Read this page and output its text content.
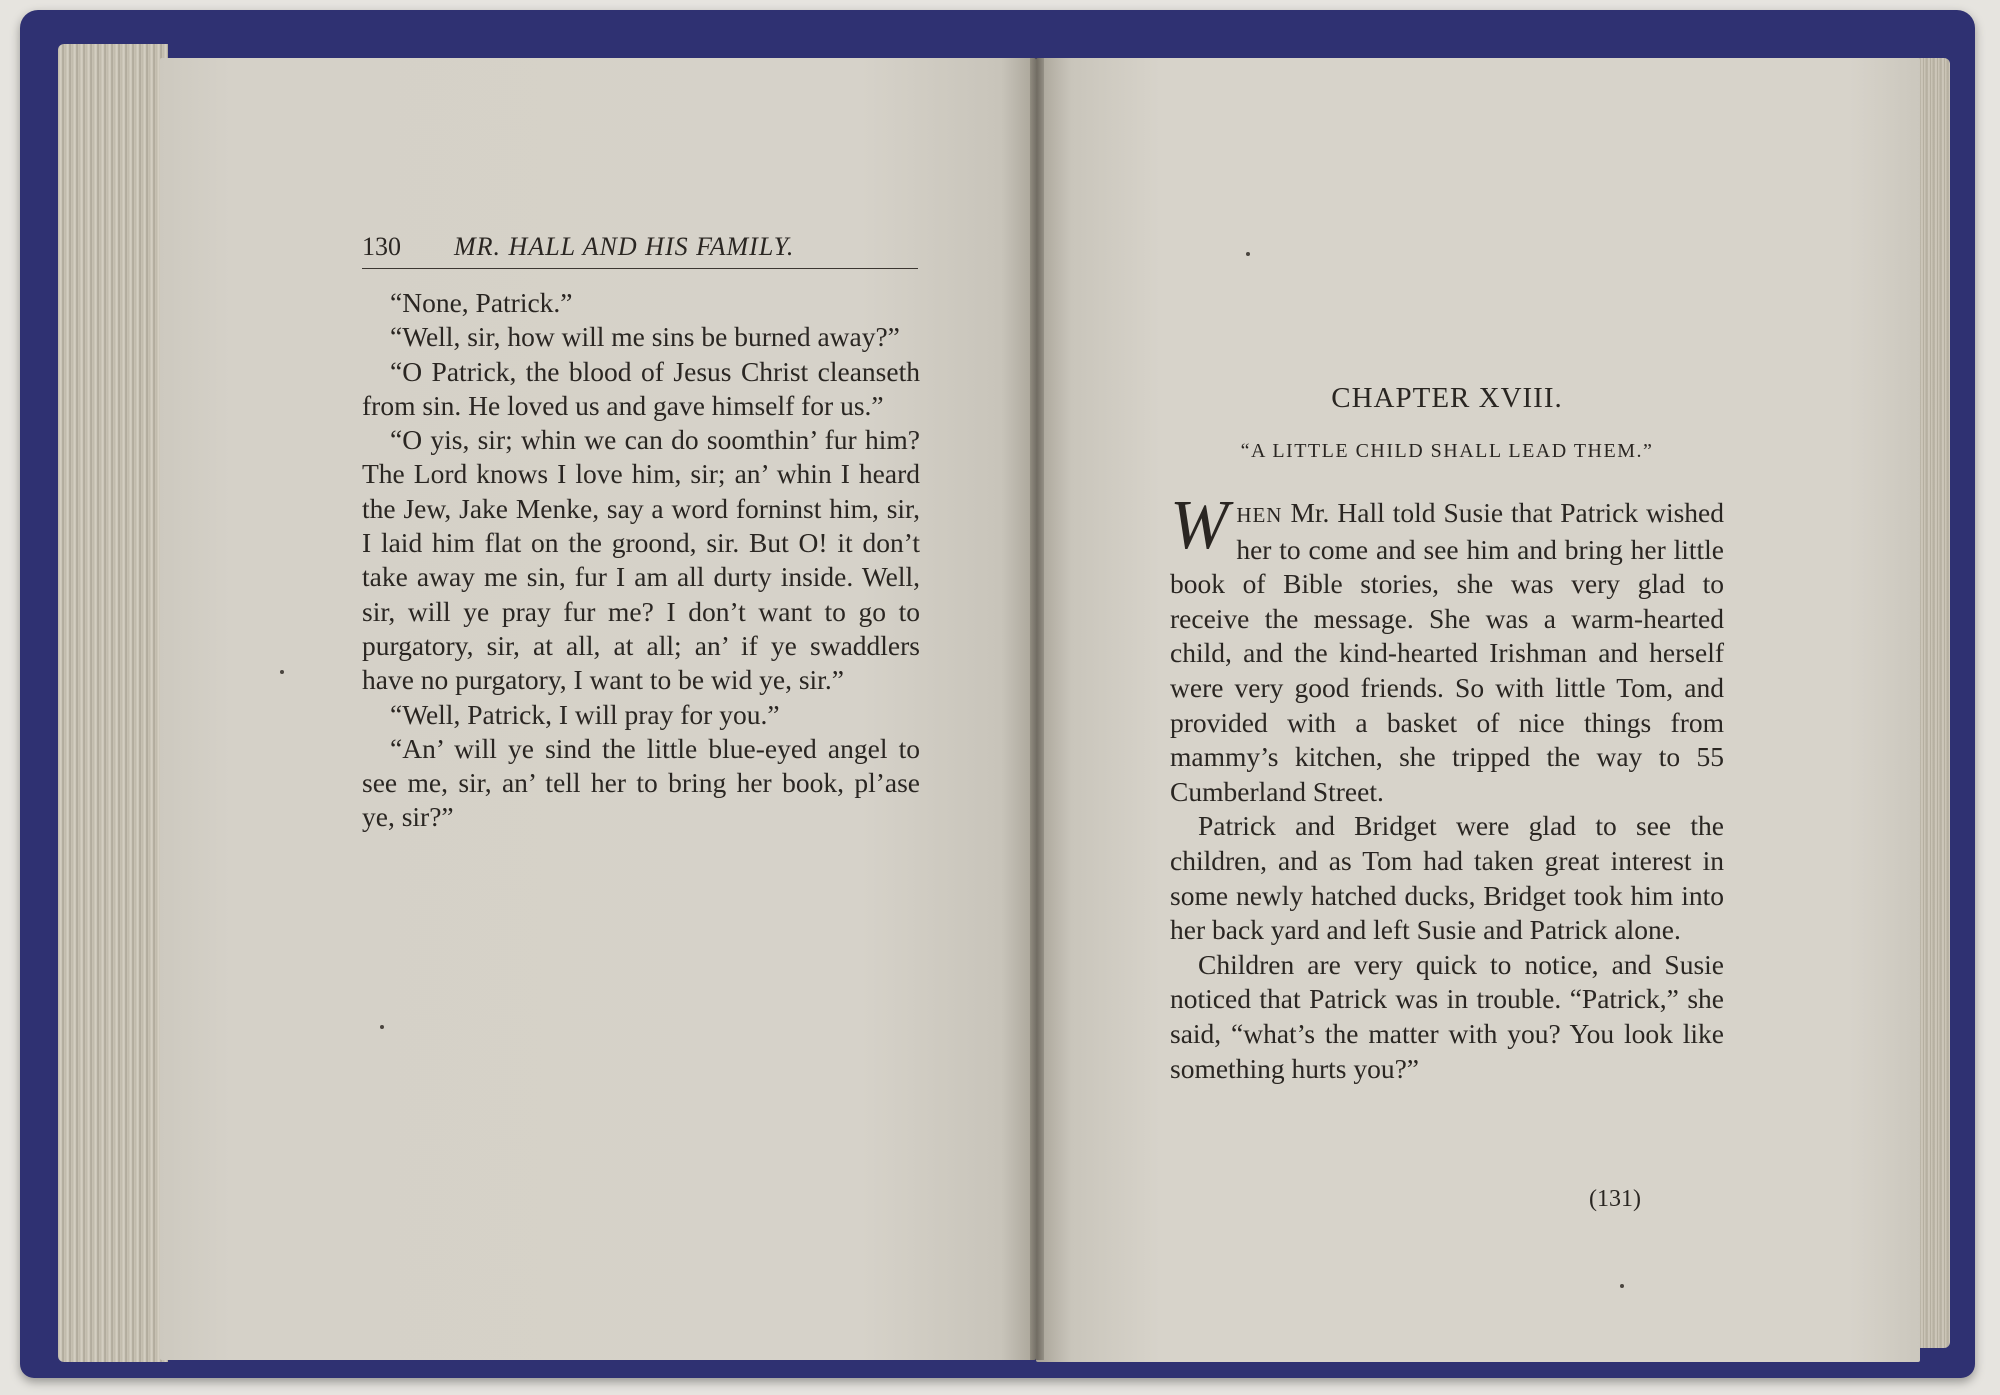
130 MR. HALL AND HIS FAMILY.

“None, Patrick.”

“Well, sir, how will me sins be burned away?”

“O Patrick, the blood of Jesus Christ cleanseth from sin. He loved us and gave himself for us.”

“O yis, sir; whin we can do soomthin’ fur him? The Lord knows I love him, sir; an’ whin I heard the Jew, Jake Menke, say a word forninst him, sir, I laid him flat on the groond, sir. But O! it don’t take away me sin, fur I am all durty inside. Well, sir, will ye pray fur me? I don’t want to go to purgatory, sir, at all, at all; an’ if ye swaddlers have no purgatory, I want to be wid ye, sir.”

“Well, Patrick, I will pray for you.”

“An’ will ye sind the little blue-eyed angel to see me, sir, an’ tell her to bring her book, pl’ase ye, sir?”

CHAPTER XVIII.
“A LITTLE CHILD SHALL LEAD THEM.”

WHEN Mr. Hall told Susie that Patrick wished her to come and see him and bring her little book of Bible stories, she was very glad to receive the message. She was a warm-hearted child, and the kind-hearted Irishman and herself were very good friends. So with little Tom, and provided with a basket of nice things from mammy’s kitchen, she tripped the way to 55 Cumberland Street.

Patrick and Bridget were glad to see the children, and as Tom had taken great interest in some newly hatched ducks, Bridget took him into her back yard and left Susie and Patrick alone.

Children are very quick to notice, and Susie noticed that Patrick was in trouble. “Patrick,” she said, “what’s the matter with you? You look like something hurts you?”

(131)
